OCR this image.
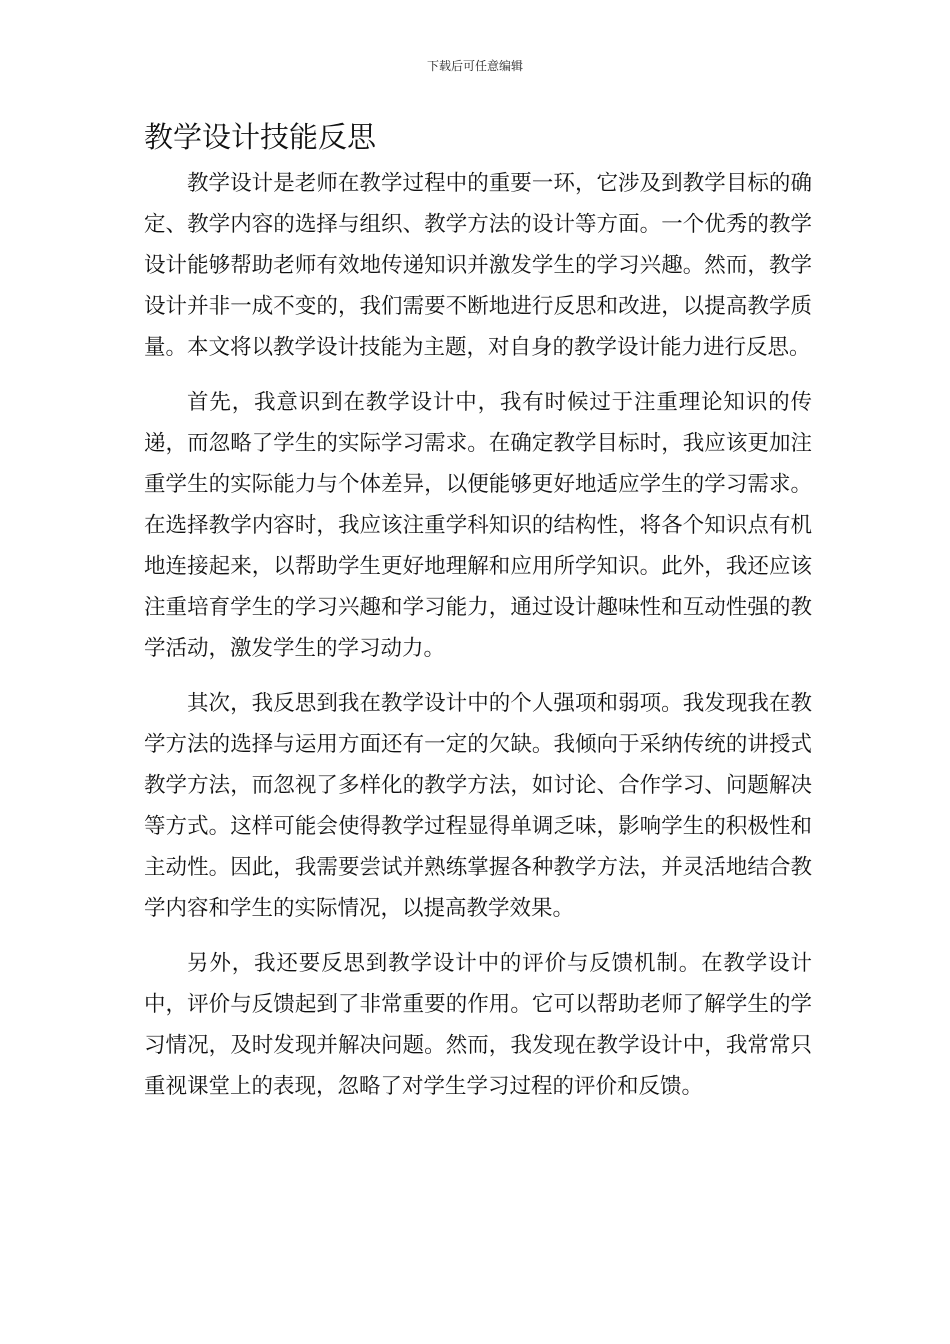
下载后可任意编辑
教学设计技能反思

教学设计是老师在教学过程中的重要一环，它涉及到教学目标的确定、教学内容的选择与组织、教学方法的设计等方面。一个优秀的教学设计能够帮助老师有效地传递知识并激发学生的学习兴趣。然而，教学设计并非一成不变的，我们需要不断地进行反思和改进，以提高教学质量。本文将以教学设计技能为主题，对自身的教学设计能力进行反思。

首先，我意识到在教学设计中，我有时候过于注重理论知识的传递，而忽略了学生的实际学习需求。在确定教学目标时，我应该更加注重学生的实际能力与个体差异，以便能够更好地适应学生的学习需求。在选择教学内容时，我应该注重学科知识的结构性，将各个知识点有机地连接起来，以帮助学生更好地理解和应用所学知识。此外，我还应该注重培育学生的学习兴趣和学习能力，通过设计趣味性和互动性强的教学活动，激发学生的学习动力。

其次，我反思到我在教学设计中的个人强项和弱项。我发现我在教学方法的选择与运用方面还有一定的欠缺。我倾向于采纳传统的讲授式教学方法，而忽视了多样化的教学方法，如讨论、合作学习、问题解决等方式。这样可能会使得教学过程显得单调乏味，影响学生的积极性和主动性。因此，我需要尝试并熟练掌握各种教学方法，并灵活地结合教学内容和学生的实际情况，以提高教学效果。

另外，我还要反思到教学设计中的评价与反馈机制。在教学设计中，评价与反馈起到了非常重要的作用。它可以帮助老师了解学生的学习情况，及时发现并解决问题。然而，我发现在教学设计中，我常常只重视课堂上的表现，忽略了对学生学习过程的评价和反馈。
